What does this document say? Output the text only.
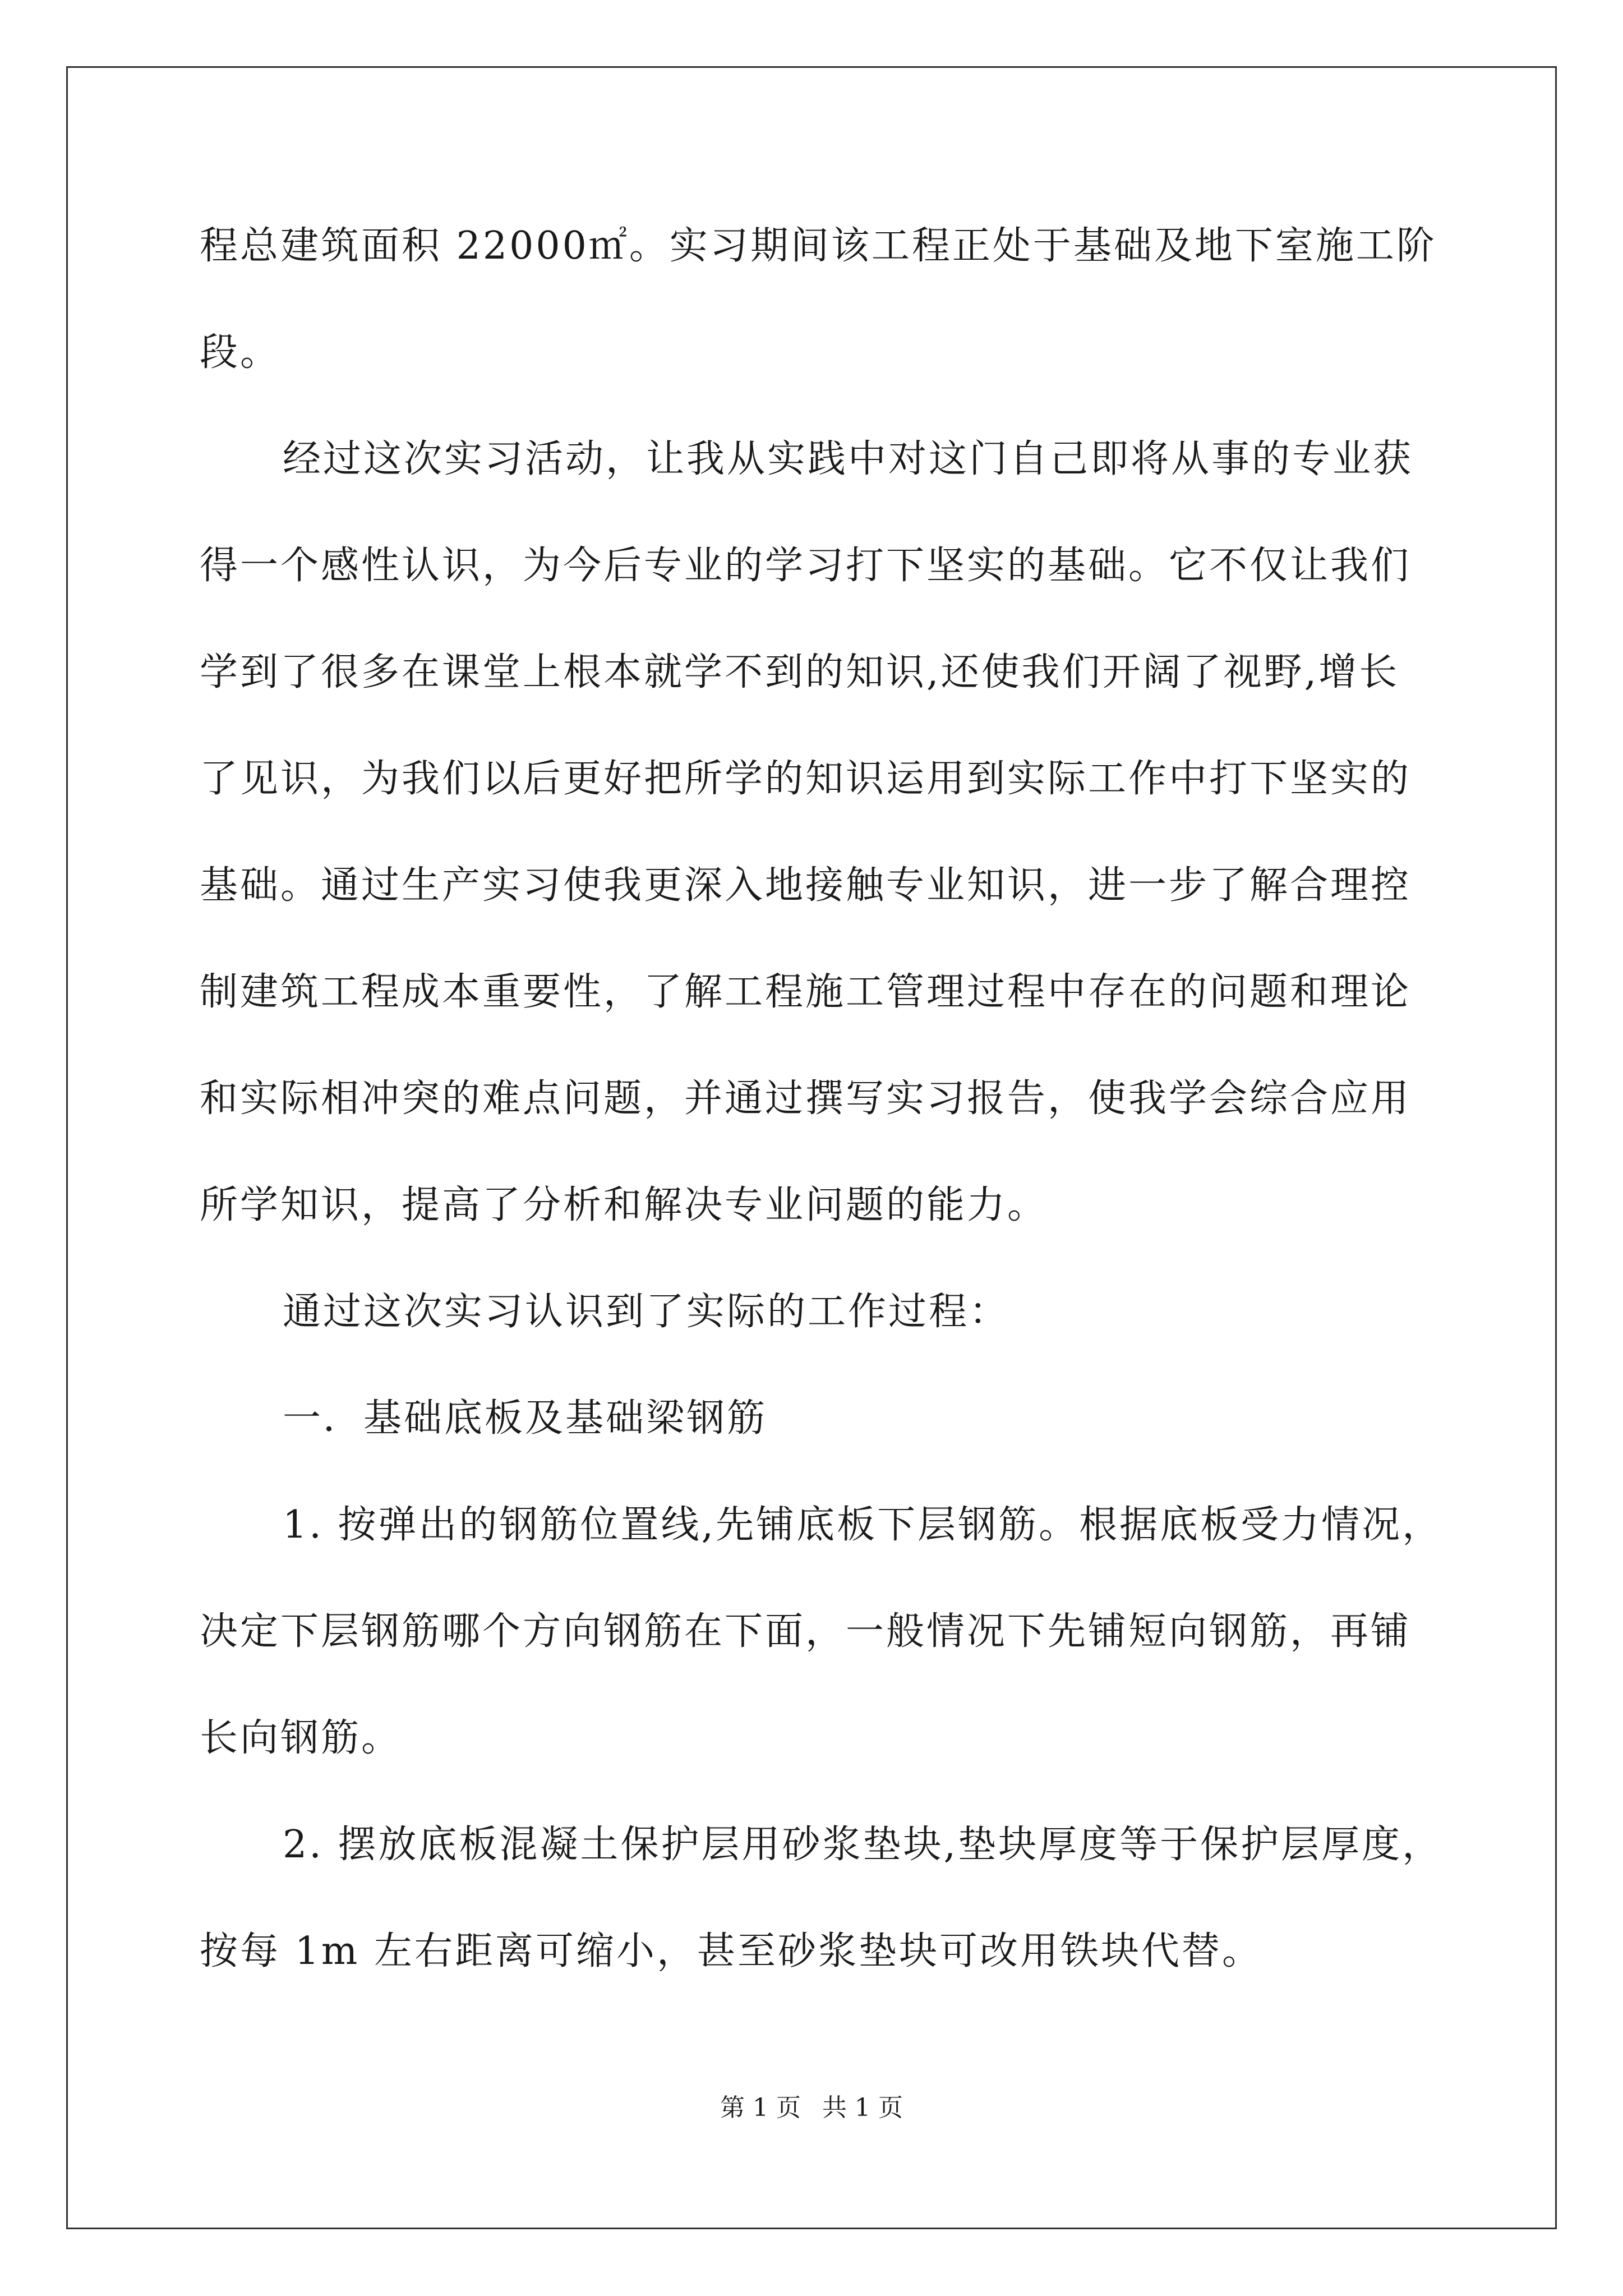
程总建筑面积 22000㎡。实习期间该工程正处于基础及地下室施工阶
段。
经过这次实习活动，让我从实践中对这门自己即将从事的专业获
得一个感性认识，为今后专业的学习打下坚实的基础。它不仅让我们
学到了很多在课堂上根本就学不到的知识,还使我们开阔了视野,增长
了见识，为我们以后更好把所学的知识运用到实际工作中打下坚实的
基础。通过生产实习使我更深入地接触专业知识，进一步了解合理控
制建筑工程成本重要性，了解工程施工管理过程中存在的问题和理论
和实际相冲突的难点问题，并通过撰写实习报告，使我学会综合应用
所学知识，提高了分析和解决专业问题的能力。
通过这次实习认识到了实际的工作过程：
一．基础底板及基础梁钢筋
1. 按弹出的钢筋位置线,先铺底板下层钢筋。根据底板受力情况，
决定下层钢筋哪个方向钢筋在下面，一般情况下先铺短向钢筋，再铺
长向钢筋。
2. 摆放底板混凝土保护层用砂浆垫块,垫块厚度等于保护层厚度，
按每 1m 左右距离可缩小，甚至砂浆垫块可改用铁块代替。
第 1 页 共 1 页
